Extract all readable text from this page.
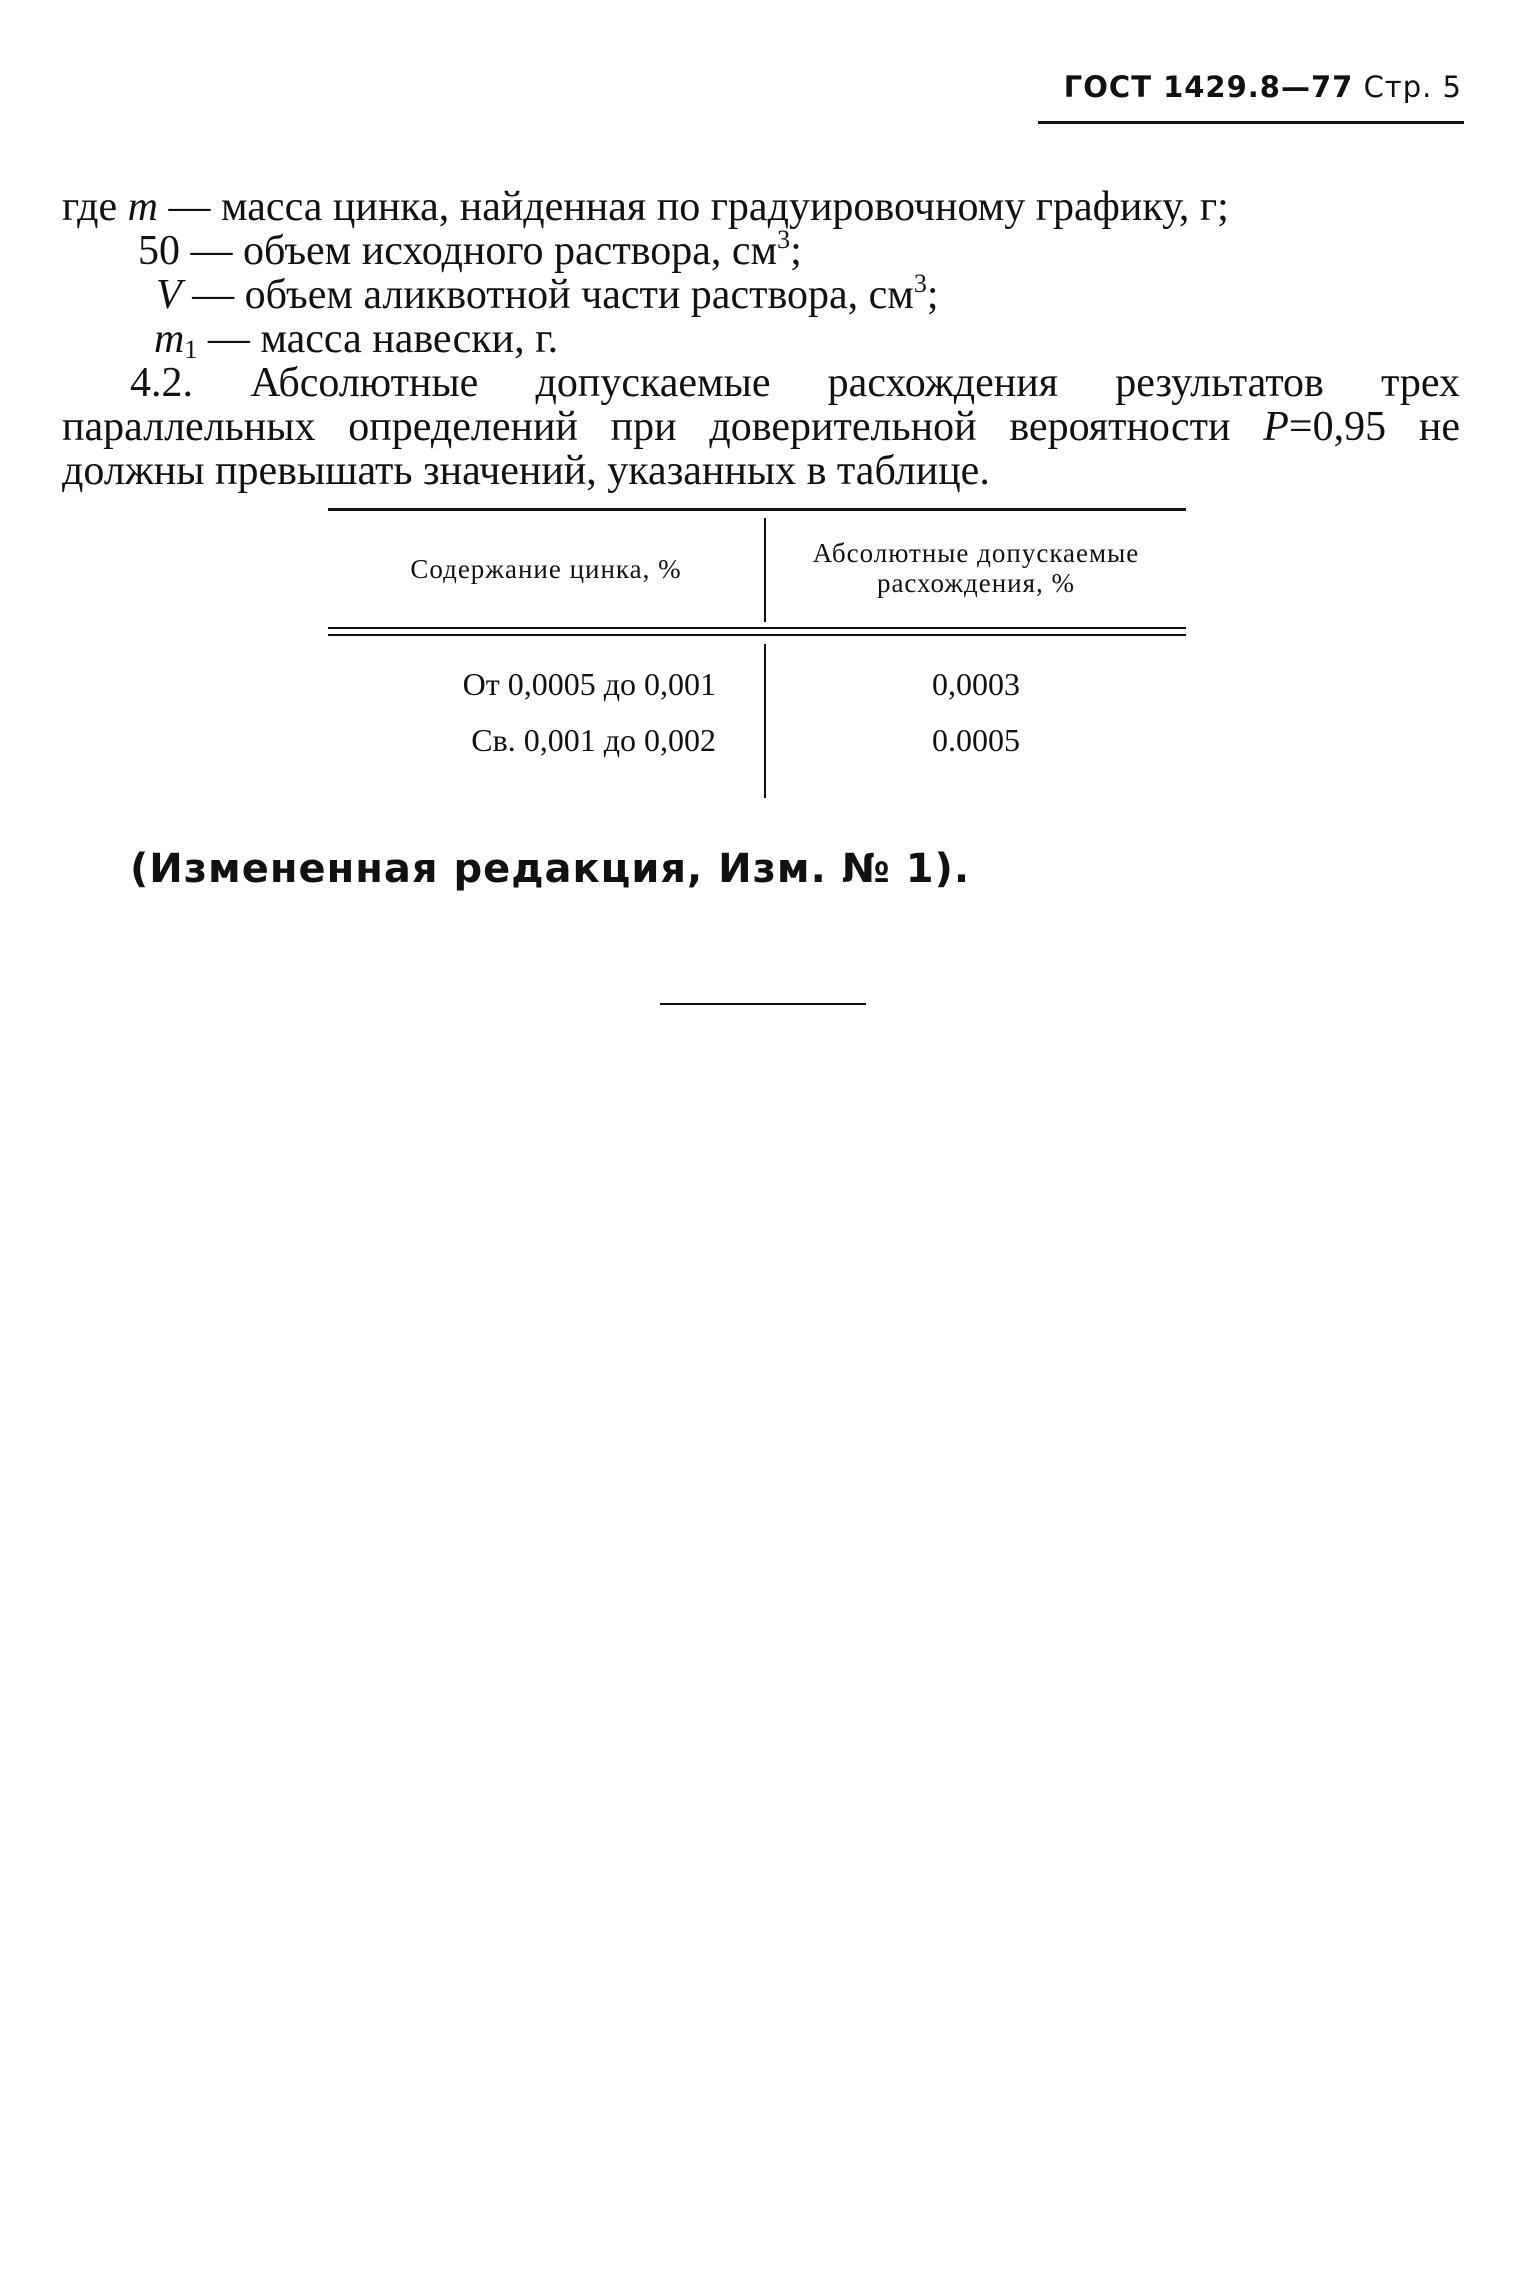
ГОСТ 1429.8—77 Стр. 5
где m — масса цинка, найденная по градуировочному графику, г;
50 — объем исходного раствора, $см^3$;
V — объем аликвотной части раствора, $см^3$;
$m_1$ — масса навески, г.
4.2. Абсолютные допускаемые расхождения результатов трех параллельных определений при доверительной вероятности P=0,95 не должны превышать значений, указанных в таблице.
Содержание цинка, %
Абсолютные допускаемые расхождения, %
От 0,0005 до 0,001	0,0003
Св. 0,001 до 0,002	0.0005
(Измененная редакция, Изм. № 1).
